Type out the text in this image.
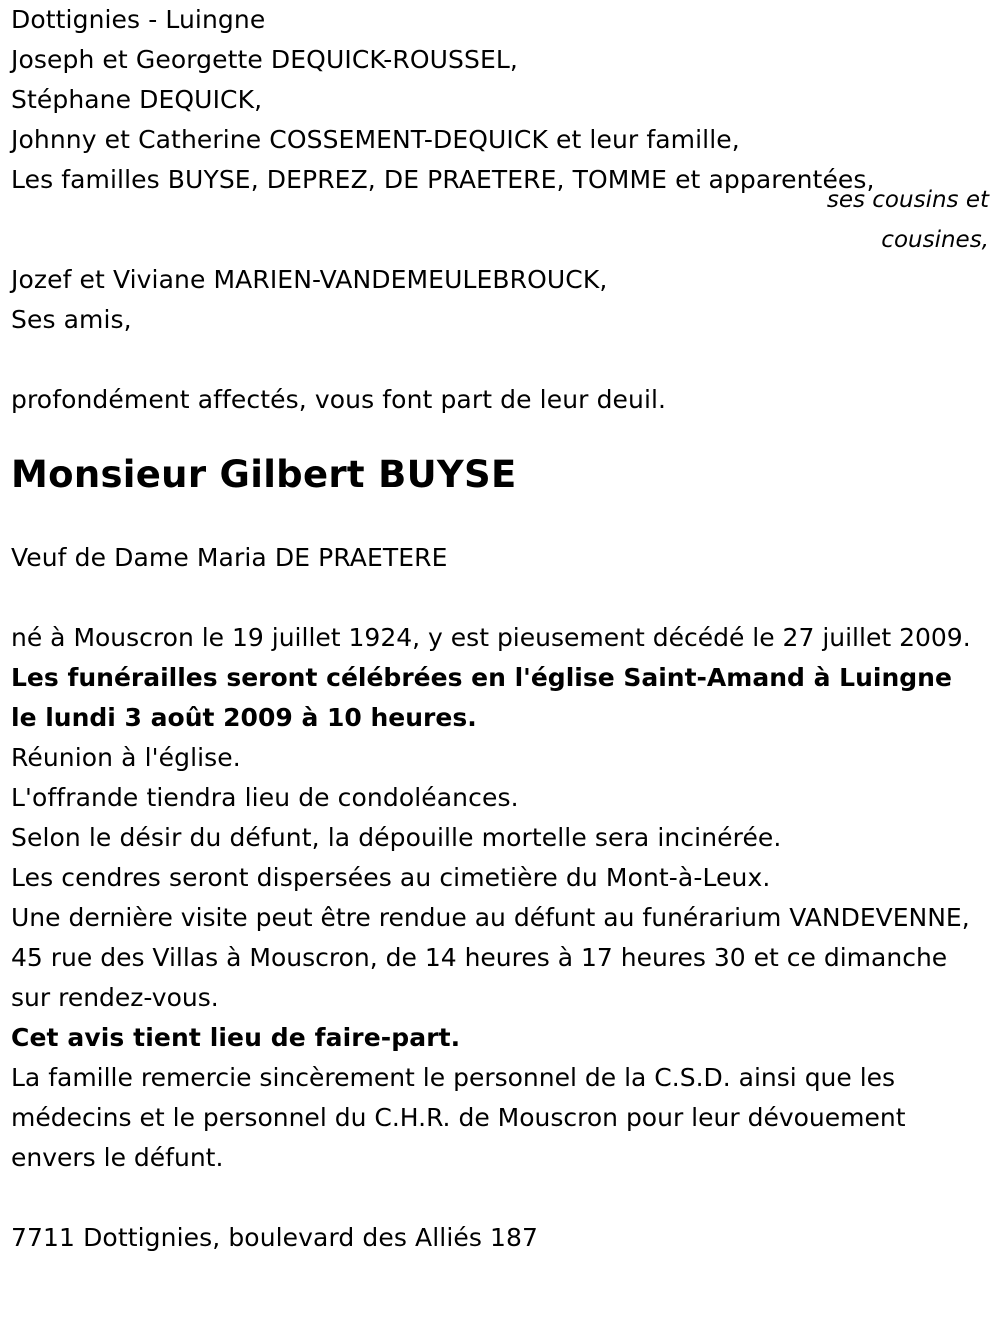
Dottignies - Luingne
Joseph et Georgette DEQUICK-ROUSSEL,
Stéphane DEQUICK,
Johnny et Catherine COSSEMENT-DEQUICK et leur famille,
Les familles BUYSE, DEPREZ, DE PRAETERE, TOMME et apparentées,
ses cousins et
cousines,
Jozef et Viviane MARIEN-VANDEMEULEBROUCK,
Ses amis,
profondément affectés, vous font part de leur deuil.
Monsieur Gilbert BUYSE
Veuf de Dame Maria DE PRAETERE
né à Mouscron le 19 juillet 1924, y est pieusement décédé le 27 juillet 2009.
Les funérailles seront célébrées en l'église Saint-Amand à Luingne le lundi 3 août 2009 à 10 heures.
Réunion à l'église.
L'offrande tiendra lieu de condoléances.
Selon le désir du défunt, la dépouille mortelle sera incinérée.
Les cendres seront dispersées au cimetière du Mont-à-Leux.
Une dernière visite peut être rendue au défunt au funérarium VANDEVENNE, 45 rue des Villas à Mouscron, de 14 heures à 17 heures 30 et ce dimanche sur rendez-vous.
Cet avis tient lieu de faire-part.
La famille remercie sincèrement le personnel de la C.S.D. ainsi que les médecins et le personnel du C.H.R. de Mouscron pour leur dévouement envers le défunt.
7711 Dottignies, boulevard des Alliés 187
